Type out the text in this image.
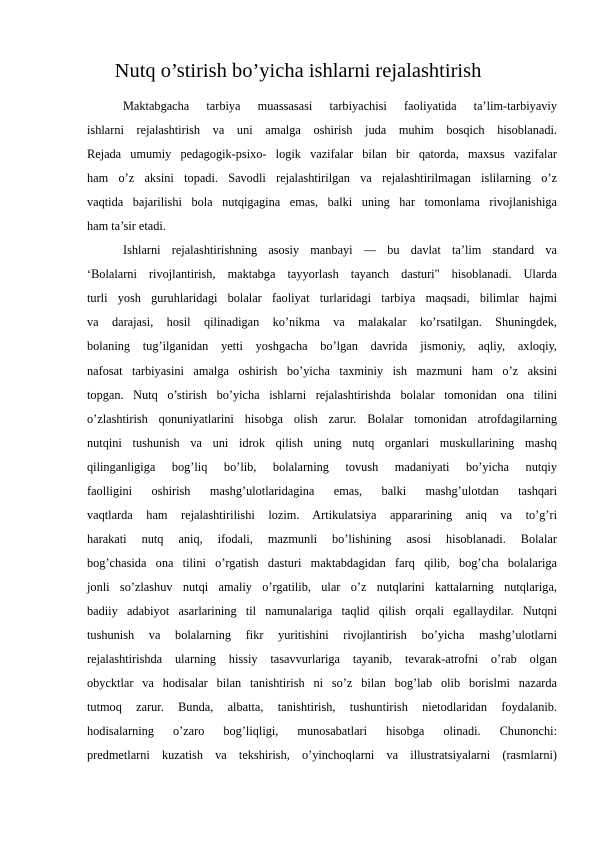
Nutq o’stirish bo’yicha ishlarni rejalashtirish
Maktabgacha tarbiya muassasasi tarbiyachisi faoliyatida ta’lim-tarbiyaviy
ishlarni rejalashtirish va uni amalga oshirish juda muhim bosqich hisoblanadi.
Rejada umumiy pedagogik-psixo- logik vazifalar bilan bir qatorda, maxsus vazifalar
ham o’z aksini topadi. Savodli rejalashtirilgan va rejalashtirilmagan islilarning o’z
vaqtida bajarilishi bola nutqigagina emas, balki uning har tomonlama rivojlanishiga
ham ta’sir etadi.
Ishlarni rejalashtirishning asosiy manbayi — bu davlat ta’lim standard va
‘Bolalarni rivojlantirish, maktabga tayyorlash tayanch dasturi" hisoblanadi. Ularda
turli yosh guruhlaridagi bolalar faoliyat turlaridagi tarbiya maqsadi, bilimlar hajmi
va darajasi, hosil qilinadigan ko’nikma va malakalar ko’rsatilgan. Shuningdek,
bolaning tug’ilganidan yetti yoshgacha bo’lgan davrida jismoniy, aqliy, axloqiy,
nafosat tarbiyasini amalga oshirish bo’yicha taxminiy ish mazmuni ham o’z aksini
topgan. Nutq o’stirish bo’yicha ishlarni rejalashtirishda bolalar tomonidan ona tilini
o’zlashtirish qonuniyatlarini hisobga olish zarur. Bolalar tomonidan atrofdagilarning
nutqini tushunish va uni idrok qilish uning nutq organlari muskullarining mashq
qilinganligiga bog’liq bo’lib, bolalarning tovush madaniyati bo’yicha nutqiy
faolligini oshirish mashg’ulotlaridagina emas, balki mashg’ulotdan tashqari
vaqtlarda ham rejalashtirilishi lozim. Artikulatsiya appararining aniq va to’g’ri
harakati nutq aniq, ifodali, mazmunli bo’lishining asosi hisoblanadi. Bolalar
bog’chasida ona tilini o’rgatish dasturi maktabdagidan farq qilib, bog’cha bolalariga
jonli so’zlashuv nutqi amaliy o’rgatilib, ular o’z nutqlarini kattalarning nutqlariga,
badiiy adabiyot asarlarining til namunalariga taqlid qilish orqali egallaydilar. Nutqni
tushunish va bolalarning fikr yuritishini rivojlantirish bo’yicha mashg’ulotlarni
rejalashtirishda ularning hissiy tasavvurlariga tayanib, tevarak-atrofni o’rab olgan
obyсktlar va hodisalar bilan tanishtirish ni so’z bilan bog’lab olib borislmi nazarda
tutmoq zarur. Bunda, albatta, tanishtirish, tushuntirish nietodlaridan foydalanib.
hodisalarning o’zaro bog’liqligi, munosabatlari hisobga olinadi. Chunonchi:
predmetlarni kuzatish va tekshirish, o’yinchoqlarni va illustratsiyalarni (rasmlarni)
